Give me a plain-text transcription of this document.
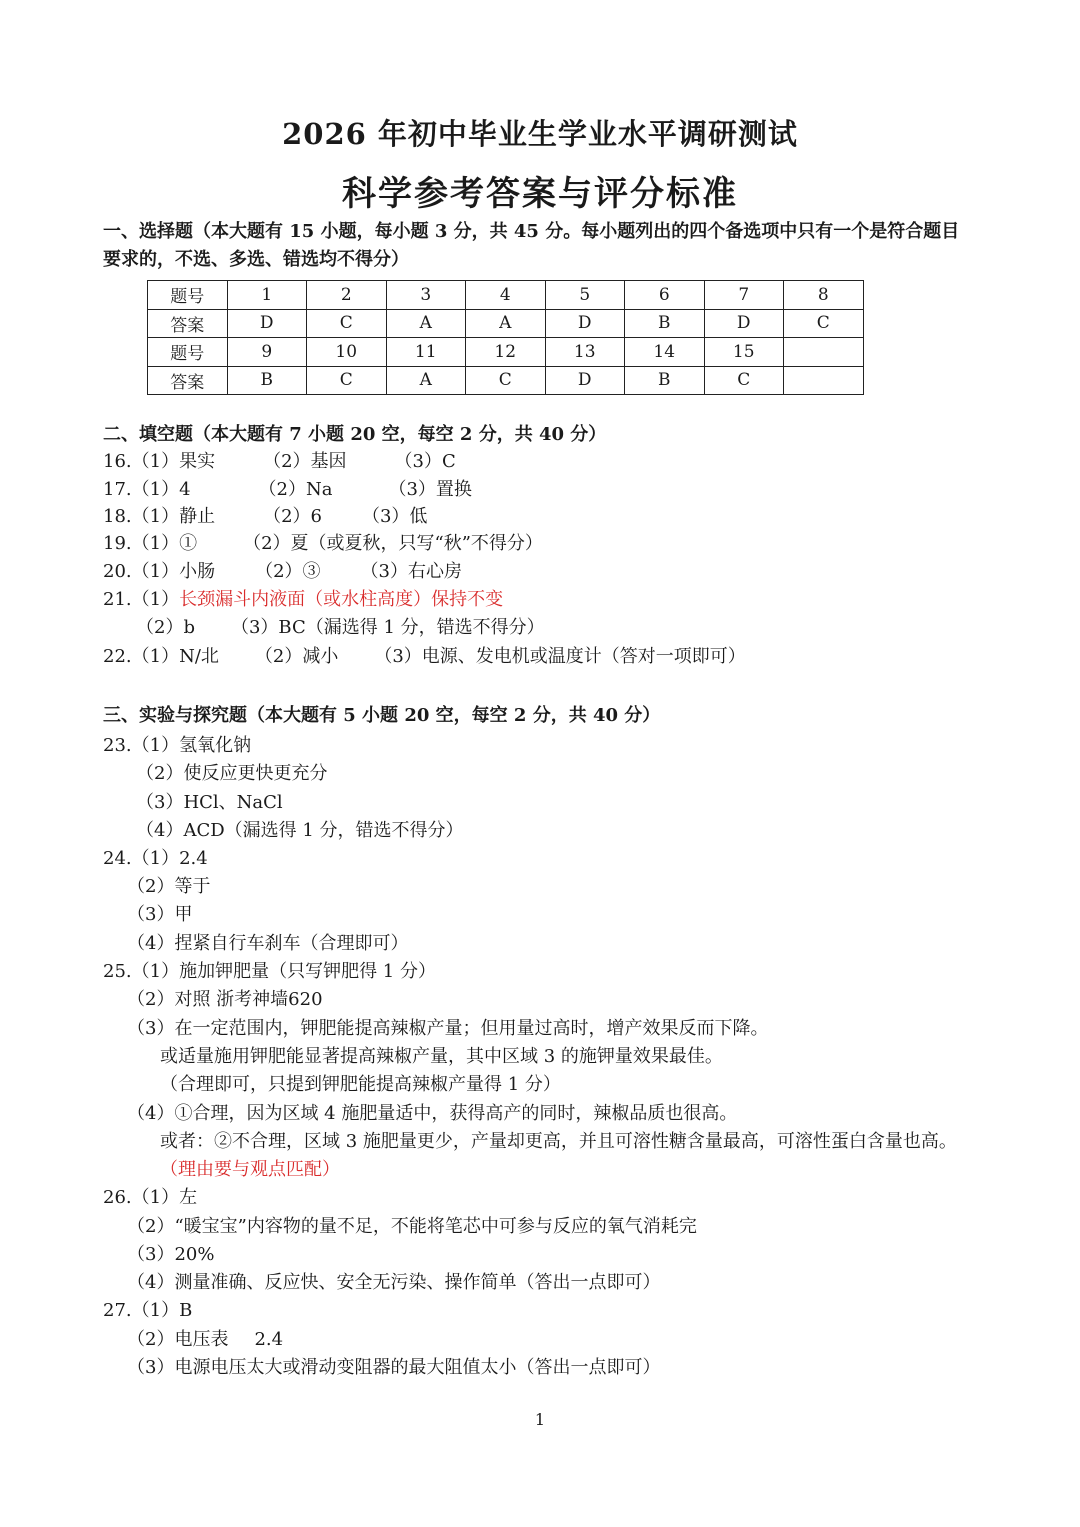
2026 年初中毕业生学业水平调研测试
科学参考答案与评分标准
一、选择题（本大题有 15 小题，每小题 3 分，共 45 分。每小题列出的四个备选项中只有一个是符合题目
要求的，不选、多选、错选均不得分）
题号	1	2	3	4	5	6	7	8
答案	D	C	A	A	D	B	D	C
题号	9	10	11	12	13	14	15	
答案	B	C	A	C	D	B	C	
二、填空题（本大题有 7 小题 20 空，每空 2 分，共 40 分）
16.（1）果实	（2）基因	（3）C
17.（1）4	（2）Na	（3）置换
18.（1）静止	（2）6 （3）低
19.（1）①	（2）夏（或夏秋，只写“秋”不得分）
20.（1）小肠 （2）③ （3）右心房
21.（1）长颈漏斗内液面（或水柱高度）保持不变
（2）b （3）BC（漏选得 1 分，错选不得分）
22.（1）N/北 （2）减小 （3）电源、发电机或温度计（答对一项即可）
三、实验与探究题（本大题有 5 小题 20 空，每空 2 分，共 40 分）
23.（1）氢氧化钠
（2）使反应更快更充分
（3）HCl、NaCl
（4）ACD（漏选得 1 分，错选不得分）
24.（1）2.4
（2）等于
（3）甲
（4）捏紧自行车刹车（合理即可）
25.（1）施加钾肥量（只写钾肥得 1 分）
（2）对照 浙考神墙620
（3）在一定范围内，钾肥能提高辣椒产量；但用量过高时，增产效果反而下降。
或适量施用钾肥能显著提高辣椒产量，其中区域 3 的施钾量效果最佳。
（合理即可，只提到钾肥能提高辣椒产量得 1 分）
（4）①合理，因为区域 4 施肥量适中，获得高产的同时，辣椒品质也很高。
或者：②不合理，区域 3 施肥量更少，产量却更高，并且可溶性糖含量最高，可溶性蛋白含量也高。
（理由要与观点匹配）
26.（1）左
（2）“暖宝宝”内容物的量不足，不能将笔芯中可参与反应的氧气消耗完
（3）20%
（4）测量准确、反应快、安全无污染、操作简单（答出一点即可）
27.（1）B
（2）电压表 2.4
（3）电源电压太大或滑动变阻器的最大阻值太小（答出一点即可）
1
